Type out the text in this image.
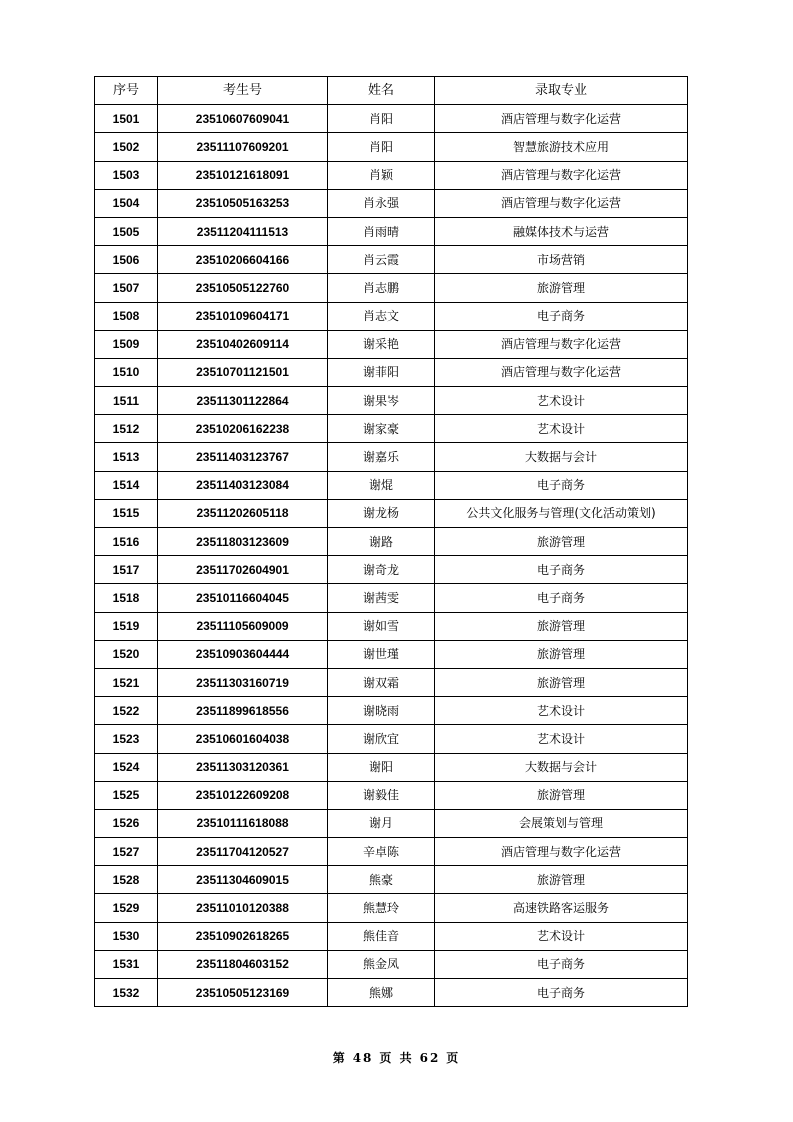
序号	考生号	姓名	录取专业
1501	23510607609041	肖阳	酒店管理与数字化运营
1502	23511107609201	肖阳	智慧旅游技术应用
1503	23510121618091	肖颖	酒店管理与数字化运营
1504	23510505163253	肖永强	酒店管理与数字化运营
1505	23511204111513	肖雨晴	融媒体技术与运营
1506	23510206604166	肖云霞	市场营销
1507	23510505122760	肖志鹏	旅游管理
1508	23510109604171	肖志文	电子商务
1509	23510402609114	谢采艳	酒店管理与数字化运营
1510	23510701121501	谢菲阳	酒店管理与数字化运营
1511	23511301122864	谢果岑	艺术设计
1512	23510206162238	谢家豪	艺术设计
1513	23511403123767	谢嘉乐	大数据与会计
1514	23511403123084	谢焜	电子商务
1515	23511202605118	谢龙杨	公共文化服务与管理(文化活动策划)
1516	23511803123609	谢路	旅游管理
1517	23511702604901	谢奇龙	电子商务
1518	23510116604045	谢茜雯	电子商务
1519	23511105609009	谢如雪	旅游管理
1520	23510903604444	谢世瑾	旅游管理
1521	23511303160719	谢双霜	旅游管理
1522	23511899618556	谢晓雨	艺术设计
1523	23510601604038	谢欣宜	艺术设计
1524	23511303120361	谢阳	大数据与会计
1525	23510122609208	谢毅佳	旅游管理
1526	23510111618088	谢月	会展策划与管理
1527	23511704120527	辛卓陈	酒店管理与数字化运营
1528	23511304609015	熊豪	旅游管理
1529	23511010120388	熊慧玲	高速铁路客运服务
1530	23510902618265	熊佳音	艺术设计
1531	23511804603152	熊金凤	电子商务
1532	23510505123169	熊娜	电子商务
第 48 页 共 62 页
